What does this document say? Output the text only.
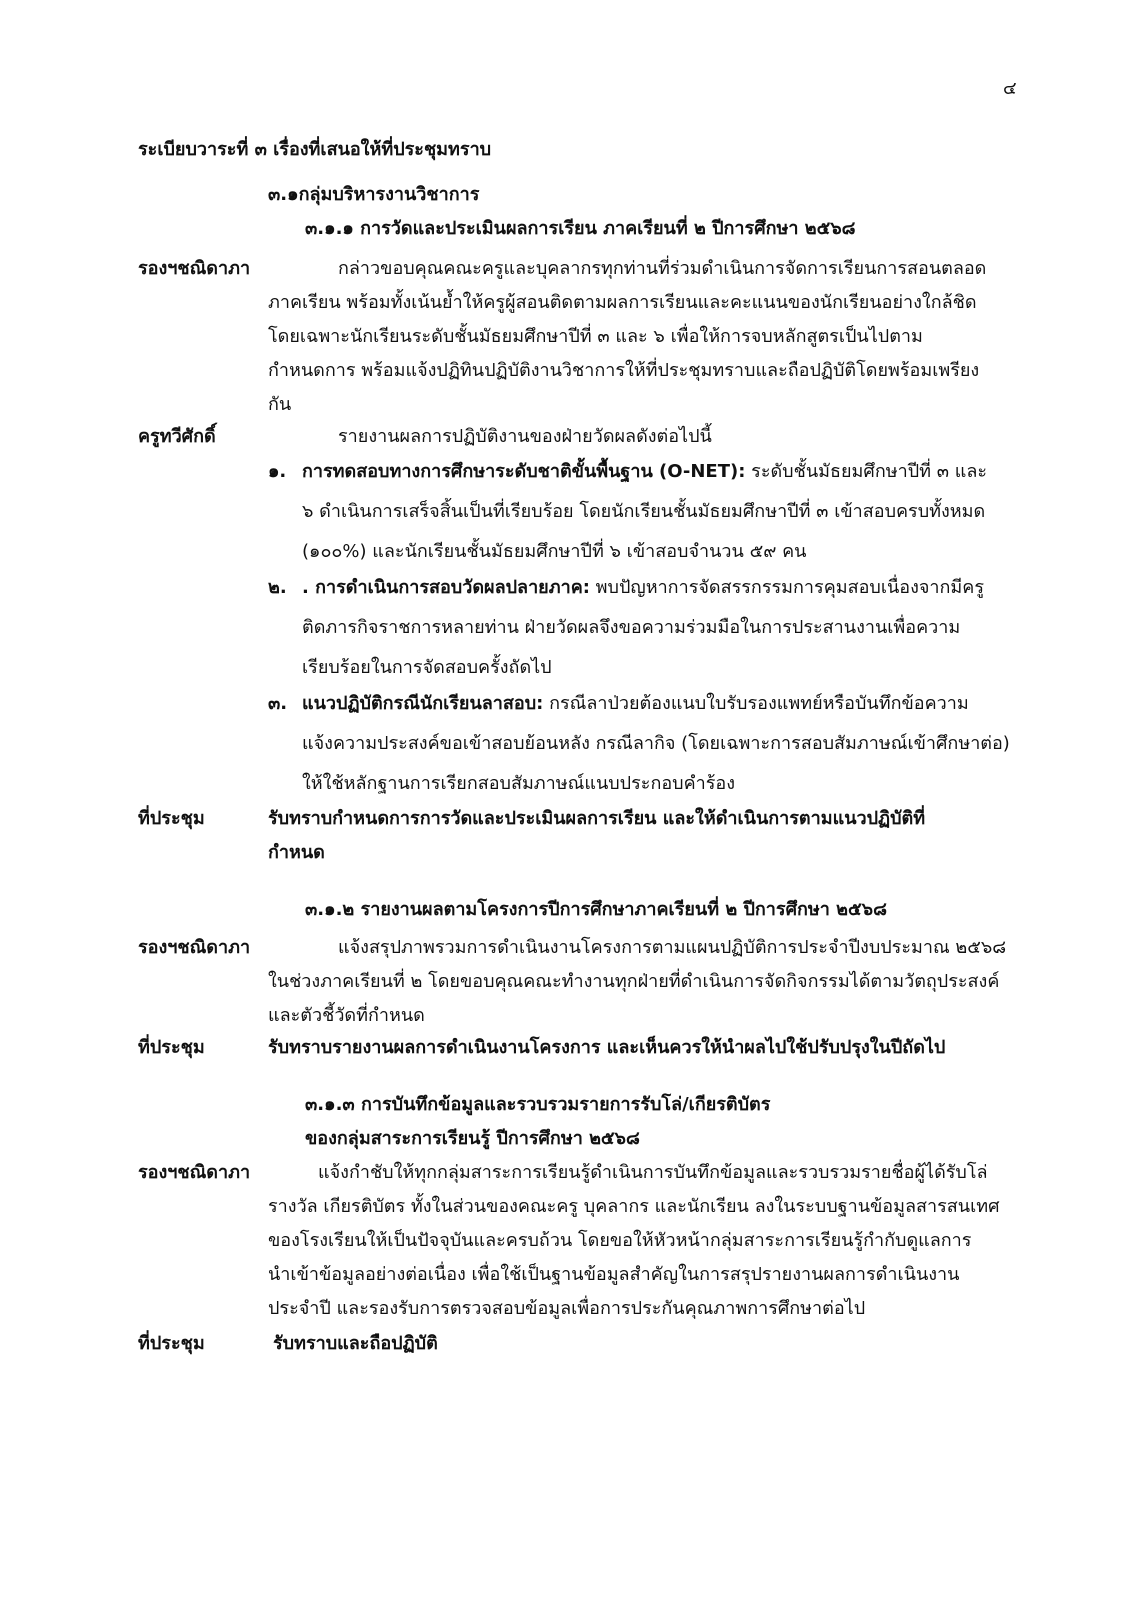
๔

ระเบียบวาระที่ ๓ เรื่องที่เสนอให้ที่ประชุมทราบ

๓.๑กลุ่มบริหารงานวิชาการ

๓.๑.๑ การวัดและประเมินผลการเรียน ภาคเรียนที่ ๒ ปีการศึกษา ๒๕๖๘

รองฯชณิดาภา	กล่าวขอบคุณคณะครูและบุคลากรทุกท่านที่ร่วมดำเนินการจัดการเรียนการสอนตลอด
ภาคเรียน พร้อมทั้งเน้นย้ำให้ครูผู้สอนติดตามผลการเรียนและคะแนนของนักเรียนอย่างใกล้ชิด
โดยเฉพาะนักเรียนระดับชั้นมัธยมศึกษาปีที่ ๓ และ ๖ เพื่อให้การจบหลักสูตรเป็นไปตาม
กำหนดการ พร้อมแจ้งปฏิทินปฏิบัติงานวิชาการให้ที่ประชุมทราบและถือปฏิบัติโดยพร้อมเพรียง
กัน

ครูทวีศักดิ์	รายงานผลการปฏิบัติงานของฝ่ายวัดผลดังต่อไปนี้

๑. การทดสอบทางการศึกษาระดับชาติขั้นพื้นฐาน (O-NET): ระดับชั้นมัธยมศึกษาปีที่ ๓ และ
๖ ดำเนินการเสร็จสิ้นเป็นที่เรียบร้อย โดยนักเรียนชั้นมัธยมศึกษาปีที่ ๓ เข้าสอบครบทั้งหมด
(๑๐๐%) และนักเรียนชั้นมัธยมศึกษาปีที่ ๖ เข้าสอบจำนวน ๕๙ คน
๒. . การดำเนินการสอบวัดผลปลายภาค: พบปัญหาการจัดสรรกรรมการคุมสอบเนื่องจากมีครู
ติดภารกิจราชการหลายท่าน ฝ่ายวัดผลจึงขอความร่วมมือในการประสานงานเพื่อความ
เรียบร้อยในการจัดสอบครั้งถัดไป
๓. แนวปฏิบัติกรณีนักเรียนลาสอบ: กรณีลาป่วยต้องแนบใบรับรองแพทย์หรือบันทึกข้อความ
แจ้งความประสงค์ขอเข้าสอบย้อนหลัง กรณีลากิจ (โดยเฉพาะการสอบสัมภาษณ์เข้าศึกษาต่อ)
ให้ใช้หลักฐานการเรียกสอบสัมภาษณ์แนบประกอบคำร้อง

ที่ประชุม	รับทราบกำหนดการการวัดและประเมินผลการเรียน และให้ดำเนินการตามแนวปฏิบัติที่
กำหนด

๓.๑.๒ รายงานผลตามโครงการปีการศึกษาภาคเรียนที่ ๒ ปีการศึกษา ๒๕๖๘

รองฯชณิดาภา	แจ้งสรุปภาพรวมการดำเนินงานโครงการตามแผนปฏิบัติการประจำปีงบประมาณ ๒๕๖๘
ในช่วงภาคเรียนที่ ๒ โดยขอบคุณคณะทำงานทุกฝ่ายที่ดำเนินการจัดกิจกรรมได้ตามวัตถุประสงค์
และตัวชี้วัดที่กำหนด

ที่ประชุม	รับทราบรายงานผลการดำเนินงานโครงการ และเห็นควรให้นำผลไปใช้ปรับปรุงในปีถัดไป

๓.๑.๓ การบันทึกข้อมูลและรวบรวมรายการรับโล่/เกียรติบัตร
ของกลุ่มสาระการเรียนรู้ ปีการศึกษา ๒๕๖๘

รองฯชณิดาภา	แจ้งกำชับให้ทุกกลุ่มสาระการเรียนรู้ดำเนินการบันทึกข้อมูลและรวบรวมรายชื่อผู้ได้รับโล่
รางวัล เกียรติบัตร ทั้งในส่วนของคณะครู บุคลากร และนักเรียน ลงในระบบฐานข้อมูลสารสนเทศ
ของโรงเรียนให้เป็นปัจจุบันและครบถ้วน โดยขอให้หัวหน้ากลุ่มสาระการเรียนรู้กำกับดูแลการ
นำเข้าข้อมูลอย่างต่อเนื่อง เพื่อใช้เป็นฐานข้อมูลสำคัญในการสรุปรายงานผลการดำเนินงาน
ประจำปี และรองรับการตรวจสอบข้อมูลเพื่อการประกันคุณภาพการศึกษาต่อไป

ที่ประชุม	รับทราบและถือปฏิบัติ
